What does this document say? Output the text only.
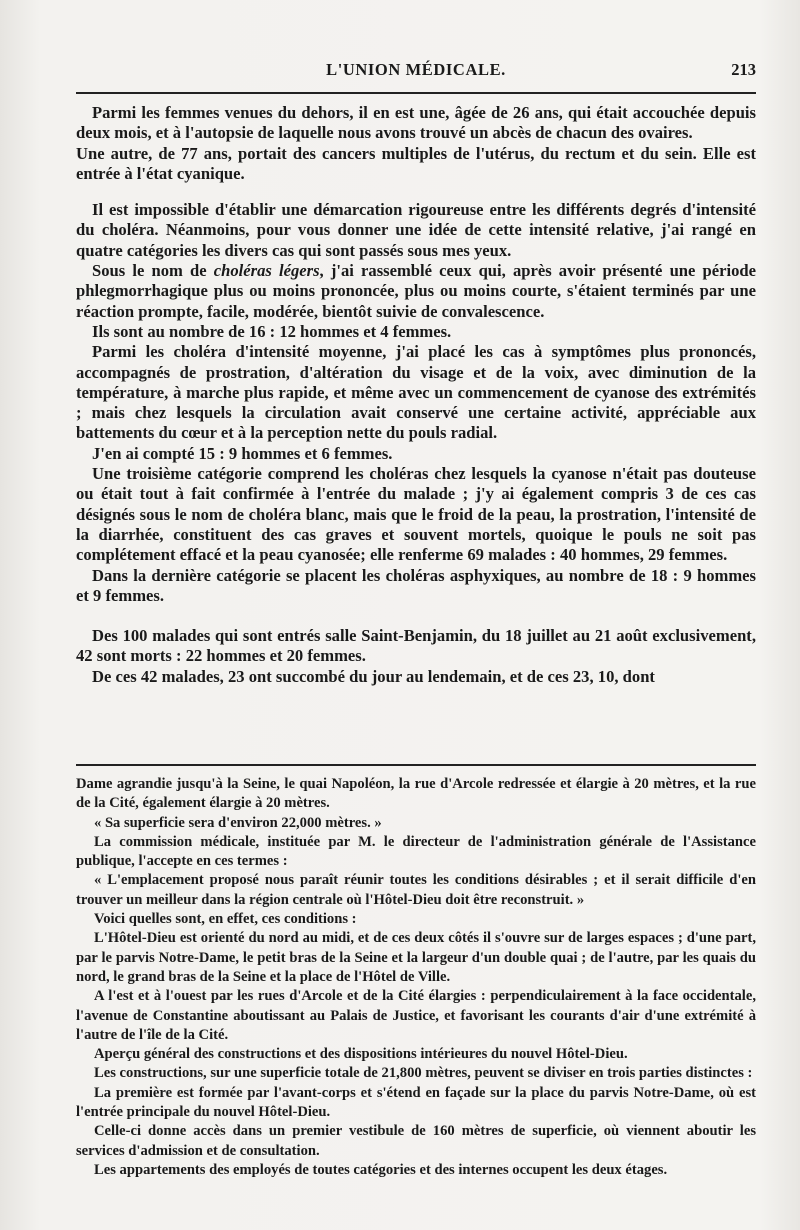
L'UNION MÉDICALE.	213

Parmi les femmes venues du dehors, il en est une, âgée de 26 ans, qui était accouchée depuis deux mois, et à l'autopsie de laquelle nous avons trouvé un abcès de chacun des ovaires.

Une autre, de 77 ans, portait des cancers multiples de l'utérus, du rectum et du sein. Elle est entrée à l'état cyanique.

Il est impossible d'établir une démarcation rigoureuse entre les différents degrés d'intensité du choléra. Néanmoins, pour vous donner une idée de cette intensité relative, j'ai rangé en quatre catégories les divers cas qui sont passés sous mes yeux.

Sous le nom de choléras légers, j'ai rassemblé ceux qui, après avoir présenté une période phlegmorrhagique plus ou moins prononcée, plus ou moins courte, s'étaient terminés par une réaction prompte, facile, modérée, bientôt suivie de convalescence.

Ils sont au nombre de 16 : 12 hommes et 4 femmes.

Parmi les choléra d'intensité moyenne, j'ai placé les cas à symptômes plus prononcés, accompagnés de prostration, d'altération du visage et de la voix, avec diminution de la température, à marche plus rapide, et même avec un commencement de cyanose des extrémités ; mais chez lesquels la circulation avait conservé une certaine activité, appréciable aux battements du cœur et à la perception nette du pouls radial.

J'en ai compté 15 : 9 hommes et 6 femmes.

Une troisième catégorie comprend les choléras chez lesquels la cyanose n'était pas douteuse ou était tout à fait confirmée à l'entrée du malade ; j'y ai également compris 3 de ces cas désignés sous le nom de choléra blanc, mais que le froid de la peau, la prostration, l'intensité de la diarrhée, constituent des cas graves et souvent mortels, quoique le pouls ne soit pas complétement effacé et la peau cyanosée; elle renferme 69 malades : 40 hommes, 29 femmes.

Dans la dernière catégorie se placent les choléras asphyxiques, au nombre de 18 : 9 hommes et 9 femmes.

Des 100 malades qui sont entrés salle Saint-Benjamin, du 18 juillet au 21 août exclusivement, 42 sont morts : 22 hommes et 20 femmes.

De ces 42 malades, 23 ont succombé du jour au lendemain, et de ces 23, 10, dont

Dame agrandie jusqu'à la Seine, le quai Napoléon, la rue d'Arcole redressée et élargie à 20 mètres, et la rue de la Cité, également élargie à 20 mètres.

« Sa superficie sera d'environ 22,000 mètres. »

La commission médicale, instituée par M. le directeur de l'administration générale de l'Assistance publique, l'accepte en ces termes :

« L'emplacement proposé nous paraît réunir toutes les conditions désirables ; et il serait difficile d'en trouver un meilleur dans la région centrale où l'Hôtel-Dieu doit être reconstruit. »

Voici quelles sont, en effet, ces conditions :

L'Hôtel-Dieu est orienté du nord au midi, et de ces deux côtés il s'ouvre sur de larges espaces ; d'une part, par le parvis Notre-Dame, le petit bras de la Seine et la largeur d'un double quai ; de l'autre, par les quais du nord, le grand bras de la Seine et la place de l'Hôtel de Ville.

A l'est et à l'ouest par les rues d'Arcole et de la Cité élargies : perpendiculairement à la face occidentale, l'avenue de Constantine aboutissant au Palais de Justice, et favorisant les courants d'air d'une extrémité à l'autre de l'île de la Cité.

Aperçu général des constructions et des dispositions intérieures du nouvel Hôtel-Dieu.

Les constructions, sur une superficie totale de 21,800 mètres, peuvent se diviser en trois parties distinctes :

La première est formée par l'avant-corps et s'étend en façade sur la place du parvis Notre-Dame, où est l'entrée principale du nouvel Hôtel-Dieu.

Celle-ci donne accès dans un premier vestibule de 160 mètres de superficie, où viennent aboutir les services d'admission et de consultation.

Les appartements des employés de toutes catégories et des internes occupent les deux étages.
